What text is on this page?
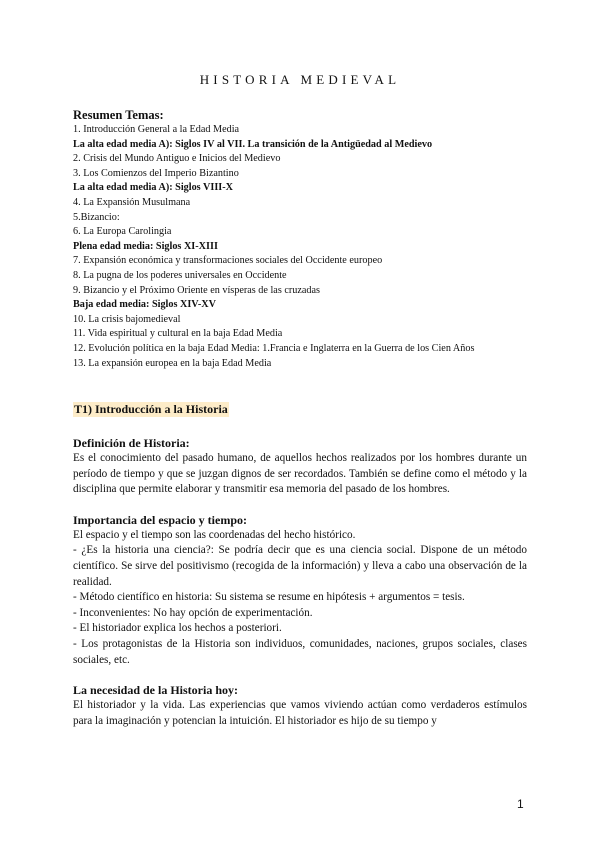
HISTORIA MEDIEVAL
Resumen Temas:
1. Introducción General a la Edad Media
La alta edad media A): Siglos IV al VII. La transición de la Antigüedad al Medievo
2. Crisis del Mundo Antiguo e Inicios del Medievo
3. Los Comienzos del Imperio Bizantino
La alta edad media A): Siglos VIII-X
4. La Expansión Musulmana
5.Bizancio:
6. La Europa Carolingia
Plena edad media: Siglos XI-XIII
7. Expansión económica y transformaciones sociales del Occidente europeo
8. La pugna de los poderes universales en Occidente
9. Bizancio y el Próximo Oriente en vísperas de las cruzadas
Baja edad media: Siglos XIV-XV
10. La crisis bajomedieval
11. Vida espiritual y cultural en la baja Edad Media
12. Evolución política en la baja Edad Media: 1.Francia e Inglaterra en la Guerra de los Cien Años
13. La expansión europea en la baja Edad Media
T1) Introducción a la Historia
Definición de Historia:

Es el conocimiento del pasado humano, de aquellos hechos realizados por los hombres durante un período de tiempo y que se juzgan dignos de ser recordados. También se define como el método y la disciplina que permite elaborar y transmitir esa memoria del pasado de los hombres.

Importancia del espacio y tiempo:

El espacio y el tiempo son las coordenadas del hecho histórico.

- ¿Es la historia una ciencia?: Se podría decir que es una ciencia social. Dispone de un método científico. Se sirve del positivismo (recogida de la información) y lleva a cabo una observación de la realidad.

- Método científico en historia: Su sistema se resume en hipótesis + argumentos = tesis.

- Inconvenientes: No hay opción de experimentación.

- El historiador explica los hechos a posteriori.

- Los protagonistas de la Historia son individuos, comunidades, naciones, grupos sociales, clases sociales, etc.

La necesidad de la Historia hoy:

El historiador y la vida. Las experiencias que vamos viviendo actúan como verdaderos estímulos para la imaginación y potencian la intuición. El historiador es hijo de su tiempo y

1
